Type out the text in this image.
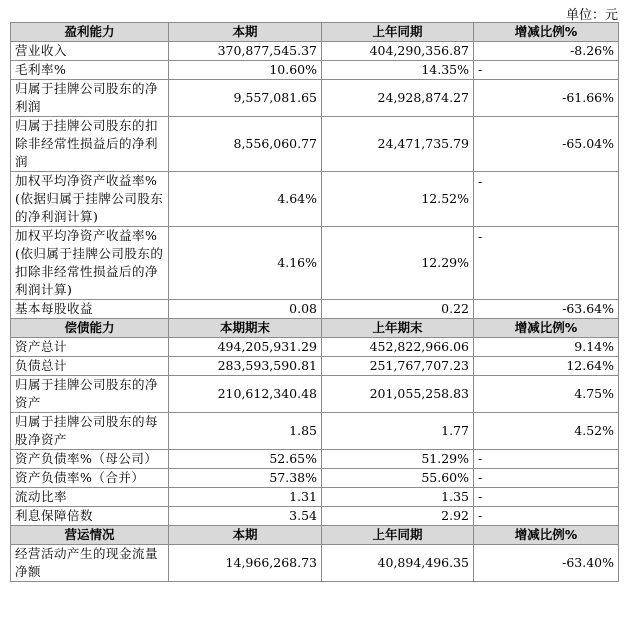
单位：元
盈利能力	本期	上年同期	增减比例%
营业收入	370,877,545.37	404,290,356.87	-8.26%
毛利率%	10.60%	14.35%	-
归属于挂牌公司股东的净利润	9,557,081.65	24,928,874.27	-61.66%
归属于挂牌公司股东的扣除非经常性损益后的净利润	8,556,060.77	24,471,735.79	-65.04%
加权平均净资产收益率%(依据归属于挂牌公司股东的净利润计算)	4.64%	12.52%	-
加权平均净资产收益率%(依归属于挂牌公司股东的扣除非经常性损益后的净利润计算)	4.16%	12.29%	-
基本每股收益	0.08	0.22	-63.64%
偿债能力	本期期末	上年期末	增减比例%
资产总计	494,205,931.29	452,822,966.06	9.14%
负债总计	283,593,590.81	251,767,707.23	12.64%
归属于挂牌公司股东的净资产	210,612,340.48	201,055,258.83	4.75%
归属于挂牌公司股东的每股净资产	1.85	1.77	4.52%
资产负债率%（母公司）	52.65%	51.29%	-
资产负债率%（合并）	57.38%	55.60%	-
流动比率	1.31	1.35	-
利息保障倍数	3.54	2.92	-
营运情况	本期	上年同期	增减比例%
经营活动产生的现金流量净额	14,966,268.73	40,894,496.35	-63.40%
